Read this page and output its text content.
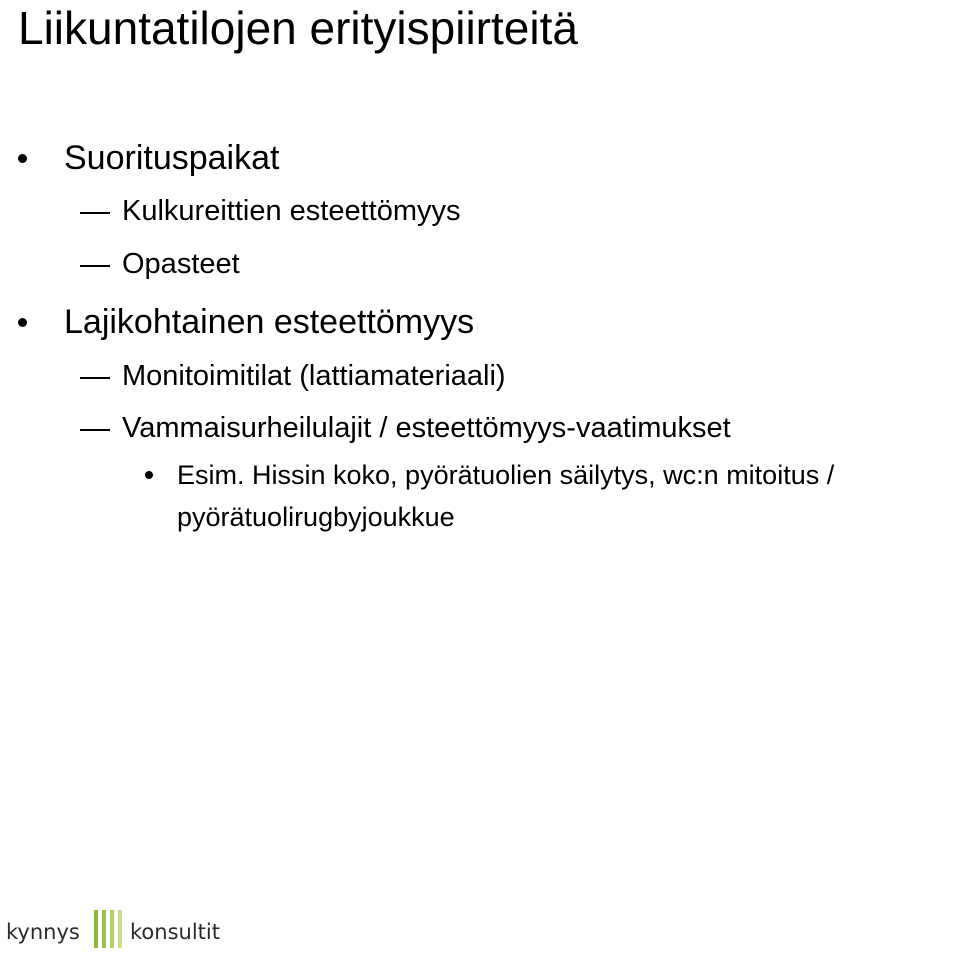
Liikuntatilojen erityispiirteitä
Suorituspaikat
Kulkureittien esteettömyys
Opasteet
Lajikohtainen esteettömyys
Monitoimitilat (lattiamateriaali)
Vammaisurheilulajit / esteettömyys-vaatimukset
Esim. Hissin koko, pyörätuolien säilytys, wc:n mitoitus /
pyörätuolirugbyjoukkue
kynnys konsultit
